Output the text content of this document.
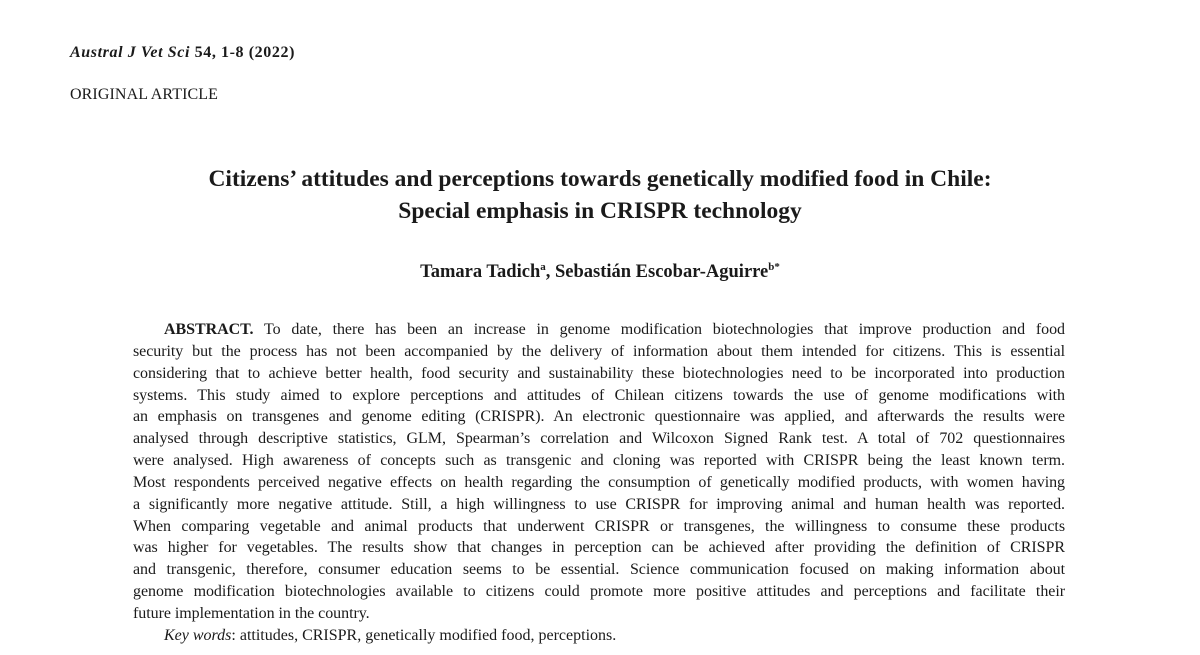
Austral J Vet Sci 54, 1-8 (2022)
ORIGINAL ARTICLE
Citizens’ attitudes and perceptions towards genetically modified food in Chile:
Special emphasis in CRISPR technology
Tamara Tadich$^a$, Sebastián Escobar-Aguirre$^{b*}$
ABSTRACT. To date, there has been an increase in genome modification biotechnologies that improve production and food
security but the process has not been accompanied by the delivery of information about them intended for citizens. This is essential
considering that to achieve better health, food security and sustainability these biotechnologies need to be incorporated into production
systems. This study aimed to explore perceptions and attitudes of Chilean citizens towards the use of genome modifications with
an emphasis on transgenes and genome editing (CRISPR). An electronic questionnaire was applied, and afterwards the results were
analysed through descriptive statistics, GLM, Spearman’s correlation and Wilcoxon Signed Rank test. A total of 702 questionnaires
were analysed. High awareness of concepts such as transgenic and cloning was reported with CRISPR being the least known term.
Most respondents perceived negative effects on health regarding the consumption of genetically modified products, with women having
a significantly more negative attitude. Still, a high willingness to use CRISPR for improving animal and human health was reported.
When comparing vegetable and animal products that underwent CRISPR or transgenes, the willingness to consume these products
was higher for vegetables. The results show that changes in perception can be achieved after providing the definition of CRISPR
and transgenic, therefore, consumer education seems to be essential. Science communication focused on making information about
genome modification biotechnologies available to citizens could promote more positive attitudes and perceptions and facilitate their
future implementation in the country.
Key words: attitudes, CRISPR, genetically modified food, perceptions.
